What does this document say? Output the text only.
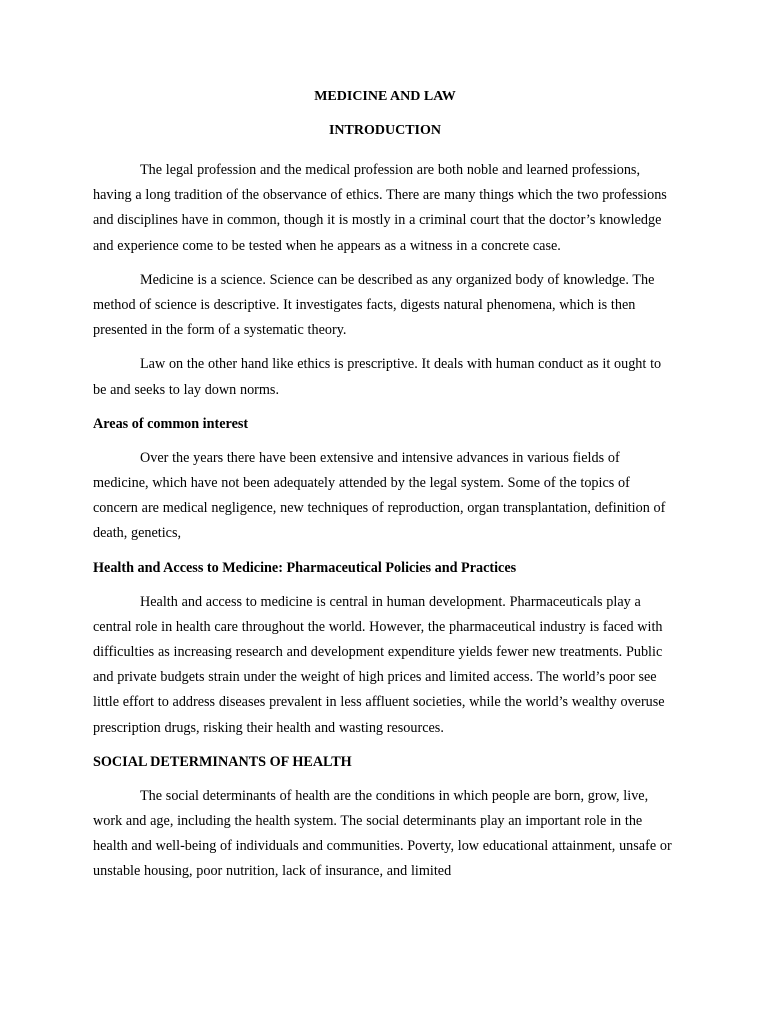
MEDICINE AND LAW
INTRODUCTION

The legal profession and the medical profession are both noble and learned professions, having a long tradition of the observance of ethics. There are many things which the two professions and disciplines have in common, though it is mostly in a criminal court that the doctor’s knowledge and experience come to be tested when he appears as a witness in a concrete case.

Medicine is a science. Science can be described as any organized body of knowledge. The method of science is descriptive. It investigates facts, digests natural phenomena, which is then presented in the form of a systematic theory.

Law on the other hand like ethics is prescriptive. It deals with human conduct as it ought to be and seeks to lay down norms.

Areas of common interest

Over the years there have been extensive and intensive advances in various fields of medicine, which have not been adequately attended by the legal system. Some of the topics of concern are medical negligence, new techniques of reproduction, organ transplantation, definition of death, genetics,

Health and Access to Medicine: Pharmaceutical Policies and Practices

Health and access to medicine is central in human development. Pharmaceuticals play a central role in health care throughout the world. However, the pharmaceutical industry is faced with difficulties as increasing research and development expenditure yields fewer new treatments. Public and private budgets strain under the weight of high prices and limited access. The world’s poor see little effort to address diseases prevalent in less affluent societies, while the world’s wealthy overuse prescription drugs, risking their health and wasting resources.

SOCIAL DETERMINANTS OF HEALTH

The social determinants of health are the conditions in which people are born, grow, live, work and age, including the health system. The social determinants play an important role in the health and well-being of individuals and communities. Poverty, low educational attainment, unsafe or unstable housing, poor nutrition, lack of insurance, and limited
